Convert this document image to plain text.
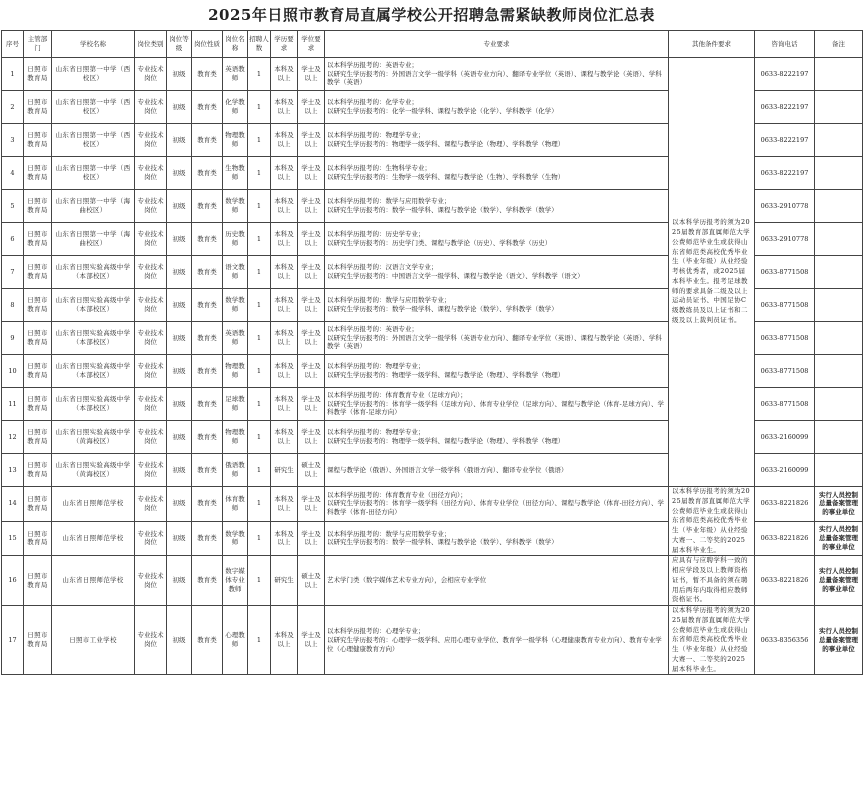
2025年日照市教育局直属学校公开招聘急需紧缺教师岗位汇总表
序号	主管部门	学校名称	岗位类别	岗位等级	岗位性质	岗位名称	招聘人数	学历要求	学位要求	专业要求	其他条件要求	咨询电话	备注
1	日照市教育局	山东省日照第一中学（西校区）	专业技术岗位	初级	教育类	英语教师	1	本科及以上	学士及以上	以本科学历报考的：英语专业；
以研究生学历报考的：外国语言文学一级学科（英语专业方向）、翻译专业学位（英语）、课程与教学论（英语）、学科教学（英语）	以本科学历报考的须为2025届教育部直属师范大学公费师范毕业生或获得山东省师范类高校优秀毕业生（毕业年级）从业经验考核优秀者，或2025届本科毕业生。报考足球教师的要求具备二级及以上运动员证书、中国足协C级教练员及以上证书和二级及以上裁判员证书。	0633-8222197	
2	日照市教育局	山东省日照第一中学（西校区）	专业技术岗位	初级	教育类	化学教师	1	本科及以上	学士及以上	以本科学历报考的：化学专业；
以研究生学历报考的：化学一级学科、课程与教学论（化学）、学科教学（化学）		0633-8222197	
3	日照市教育局	山东省日照第一中学（西校区）	专业技术岗位	初级	教育类	物理教师	1	本科及以上	学士及以上	以本科学历报考的：物理学专业；
以研究生学历报考的：物理学一级学科、课程与教学论（物理）、学科教学（物理）		0633-8222197	
4	日照市教育局	山东省日照第一中学（西校区）	专业技术岗位	初级	教育类	生物教师	1	本科及以上	学士及以上	以本科学历报考的：生物科学专业；
以研究生学历报考的：生物学一级学科、课程与教学论（生物）、学科教学（生物）		0633-8222197	
5	日照市教育局	山东省日照第一中学（海曲校区）	专业技术岗位	初级	教育类	数学教师	1	本科及以上	学士及以上	以本科学历报考的：数学与应用数学专业；
以研究生学历报考的：数学一级学科、课程与教学论（数学）、学科教学（数学）		0633-2910778	
6	日照市教育局	山东省日照第一中学（海曲校区）	专业技术岗位	初级	教育类	历史教师	1	本科及以上	学士及以上	以本科学历报考的：历史学专业；
以研究生学历报考的：历史学门类、课程与教学论（历史）、学科教学（历史）		0633-2910778	
7	日照市教育局	山东省日照实验高级中学（本部校区）	专业技术岗位	初级	教育类	语文教师	1	本科及以上	学士及以上	以本科学历报考的：汉语言文学专业；
以研究生学历报考的：中国语言文学一级学科、课程与教学论（语文）、学科教学（语文）		0633-8771508	
8	日照市教育局	山东省日照实验高级中学（本部校区）	专业技术岗位	初级	教育类	数学教师	1	本科及以上	学士及以上	以本科学历报考的：数学与应用数学专业；
以研究生学历报考的：数学一级学科、课程与教学论（数学）、学科教学（数学）		0633-8771508	
9	日照市教育局	山东省日照实验高级中学（本部校区）	专业技术岗位	初级	教育类	英语教师	1	本科及以上	学士及以上	以本科学历报考的：英语专业；
以研究生学历报考的：外国语言文学一级学科（英语专业方向）、翻译专业学位（英语）、课程与教学论（英语）、学科教学（英语）		0633-8771508	
10	日照市教育局	山东省日照实验高级中学（本部校区）	专业技术岗位	初级	教育类	物理教师	1	本科及以上	学士及以上	以本科学历报考的：物理学专业；
以研究生学历报考的：物理学一级学科、课程与教学论（物理）、学科教学（物理）		0633-8771508	
11	日照市教育局	山东省日照实验高级中学（本部校区）	专业技术岗位	初级	教育类	足球教师	1	本科及以上	学士及以上	以本科学历报考的：体育教育专业（足球方向）；
以研究生学历报考的：体育学一级学科（足球方向）、体育专业学位（足球方向）、课程与教学论（体育-足球方向）、学科教学（体育-足球方向）		0633-8771508	
12	日照市教育局	山东省日照实验高级中学（黄海校区）	专业技术岗位	初级	教育类	物理教师	1	本科及以上	学士及以上	以本科学历报考的：物理学专业；
以研究生学历报考的：物理学一级学科、课程与教学论（物理）、学科教学（物理）		0633-2160099	
13	日照市教育局	山东省日照实验高级中学（黄海校区）	专业技术岗位	初级	教育类	俄语教师	1	研究生	硕士及以上	课程与教学论（俄语）、外国语言文学一级学科（俄语方向）、翻译专业学位（俄语）		0633-2160099	
14	日照市教育局	山东省日照师范学校	专业技术岗位	初级	教育类	体育教师	1	本科及以上	学士及以上	以本科学历报考的：体育教育专业（田径方向）；
以研究生学历报考的：体育学一级学科（田径方向）、体育专业学位（田径方向）、课程与教学论（体育-田径方向）、学科教学（体育-田径方向）	以本科学历报考的须为2025届教育部直属师范大学公费师范毕业生或获得山东省师范类高校优秀毕业生（毕业年级）从业经验大赛一、二等奖的2025届本科毕业生。	0633-8221826	实行人员控制总量备案管理的事业单位
15	日照市教育局	山东省日照师范学校	专业技术岗位	初级	教育类	数学教师	1	本科及以上	学士及以上	以本科学历报考的：数学与应用数学专业；
以研究生学历报考的：数学一级学科、课程与教学论（数学）、学科教学（数学）		0633-8221826	实行人员控制总量备案管理的事业单位
16	日照市教育局	山东省日照师范学校	专业技术岗位	初级	教育类	数字媒体专业教师	1	研究生	硕士及以上	艺术学门类（数字媒体艺术专业方向），会相应专业学位	应具有与应聘学科一致的相应学段及以上教师资格证书，暂不具备的须在聘用后两年内取得相应教师资格证书。	0633-8221826	实行人员控制总量备案管理的事业单位
17	日照市教育局	日照市工业学校	专业技术岗位	初级	教育类	心理教师	1	本科及以上	学士及以上	以本科学历报考的：心理学专业；
以研究生学历报考的：心理学一级学科、应用心理专业学位、教育学一级学科（心理健康教育专业方向）、教育专业学位（心理健康教育方向）	以本科学历报考的须为2025届教育部直属师范大学公费师范毕业生或获得山东省师范类高校优秀毕业生（毕业年级）从业经验大赛一、二等奖的2025届本科毕业生。	0633-8356356	实行人员控制总量备案管理的事业单位
